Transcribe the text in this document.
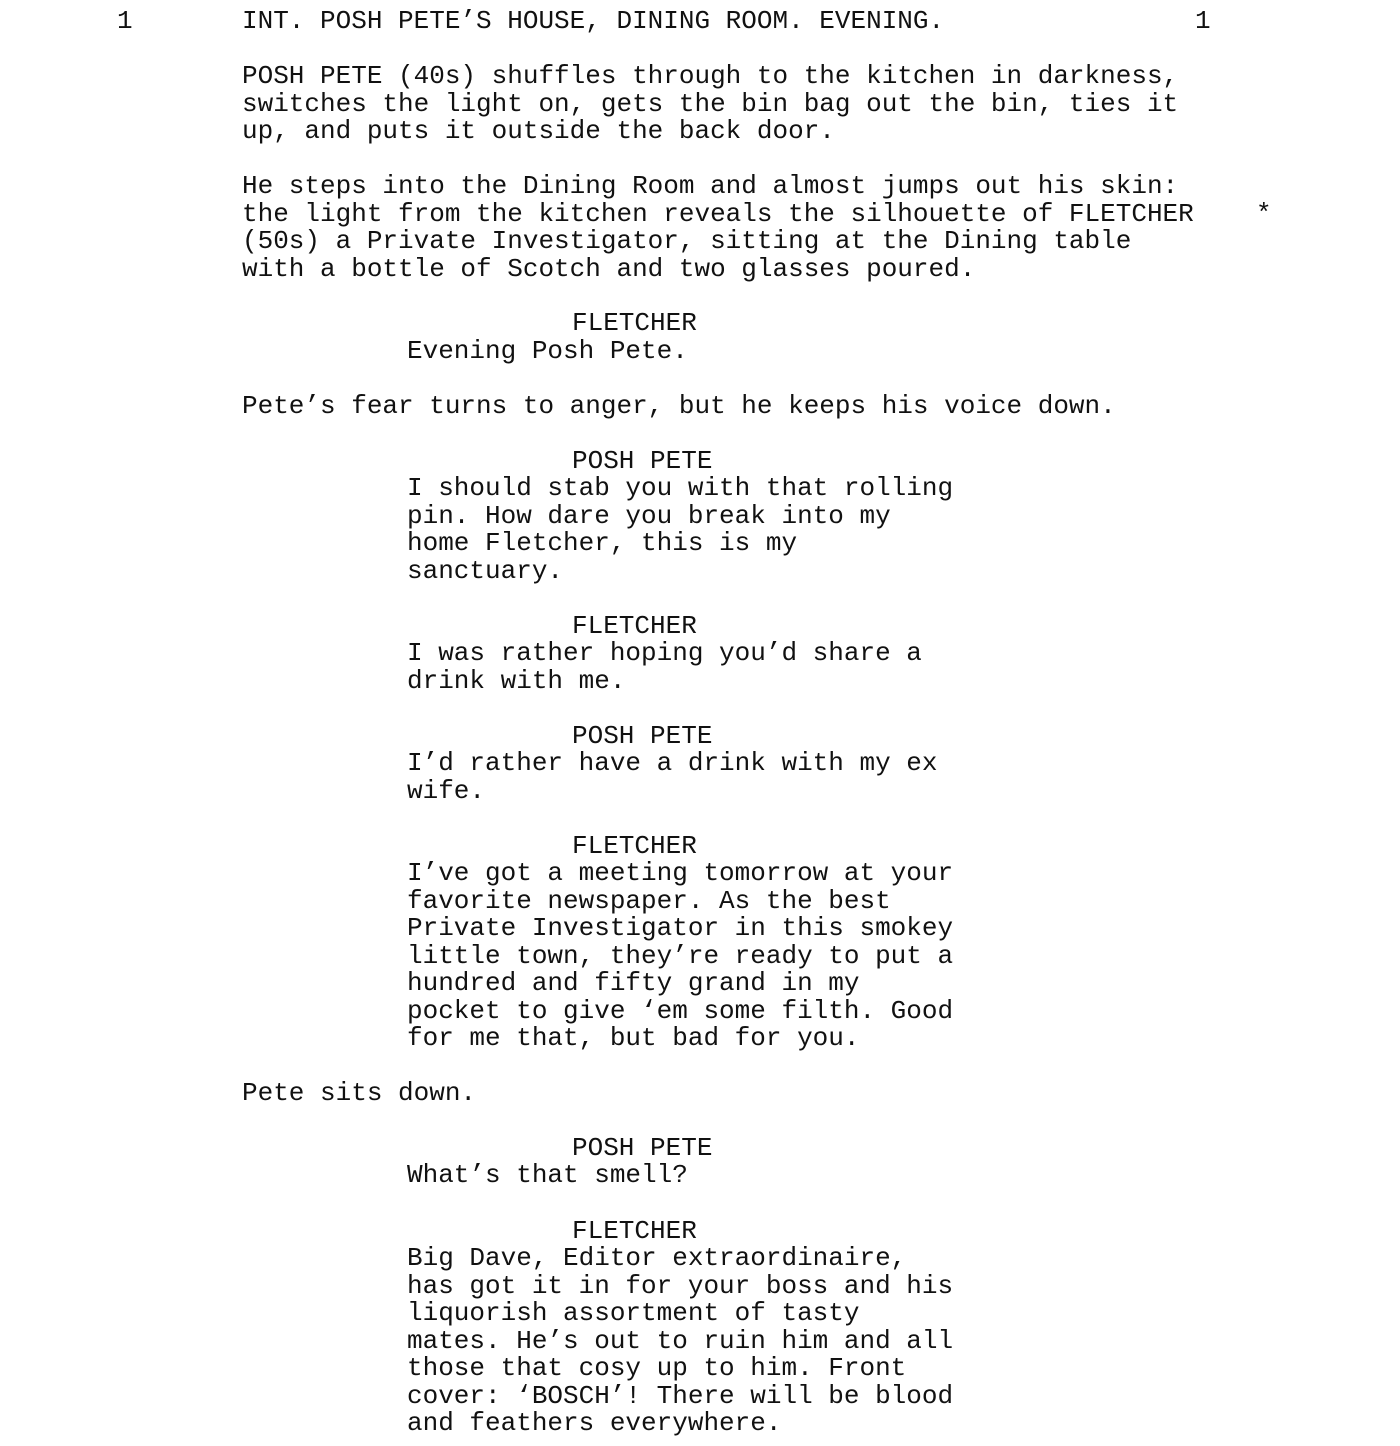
1	INT. POSH PETE’S HOUSE, DINING ROOM. EVENING.	1
POSH PETE (40s) shuffles through to the kitchen in darkness,
switches the light on, gets the bin bag out the bin, ties it
up, and puts it outside the back door.
He steps into the Dining Room and almost jumps out his skin:
the light from the kitchen reveals the silhouette of FLETCHER
(50s) a Private Investigator, sitting at the Dining table
with a bottle of Scotch and two glasses poured.
*
FLETCHER
Evening Posh Pete.
Pete’s fear turns to anger, but he keeps his voice down.
POSH PETE
I should stab you with that rolling
pin. How dare you break into my
home Fletcher, this is my
sanctuary.
FLETCHER
I was rather hoping you’d share a
drink with me.
POSH PETE
I’d rather have a drink with my ex
wife.
FLETCHER
I’ve got a meeting tomorrow at your
favorite newspaper. As the best
Private Investigator in this smokey
little town, they’re ready to put a
hundred and fifty grand in my
pocket to give ‘em some filth. Good
for me that, but bad for you.
Pete sits down.
POSH PETE
What’s that smell?
FLETCHER
Big Dave, Editor extraordinaire,
has got it in for your boss and his
liquorish assortment of tasty
mates. He’s out to ruin him and all
those that cosy up to him. Front
cover: ‘BOSCH’! There will be blood
and feathers everywhere.
